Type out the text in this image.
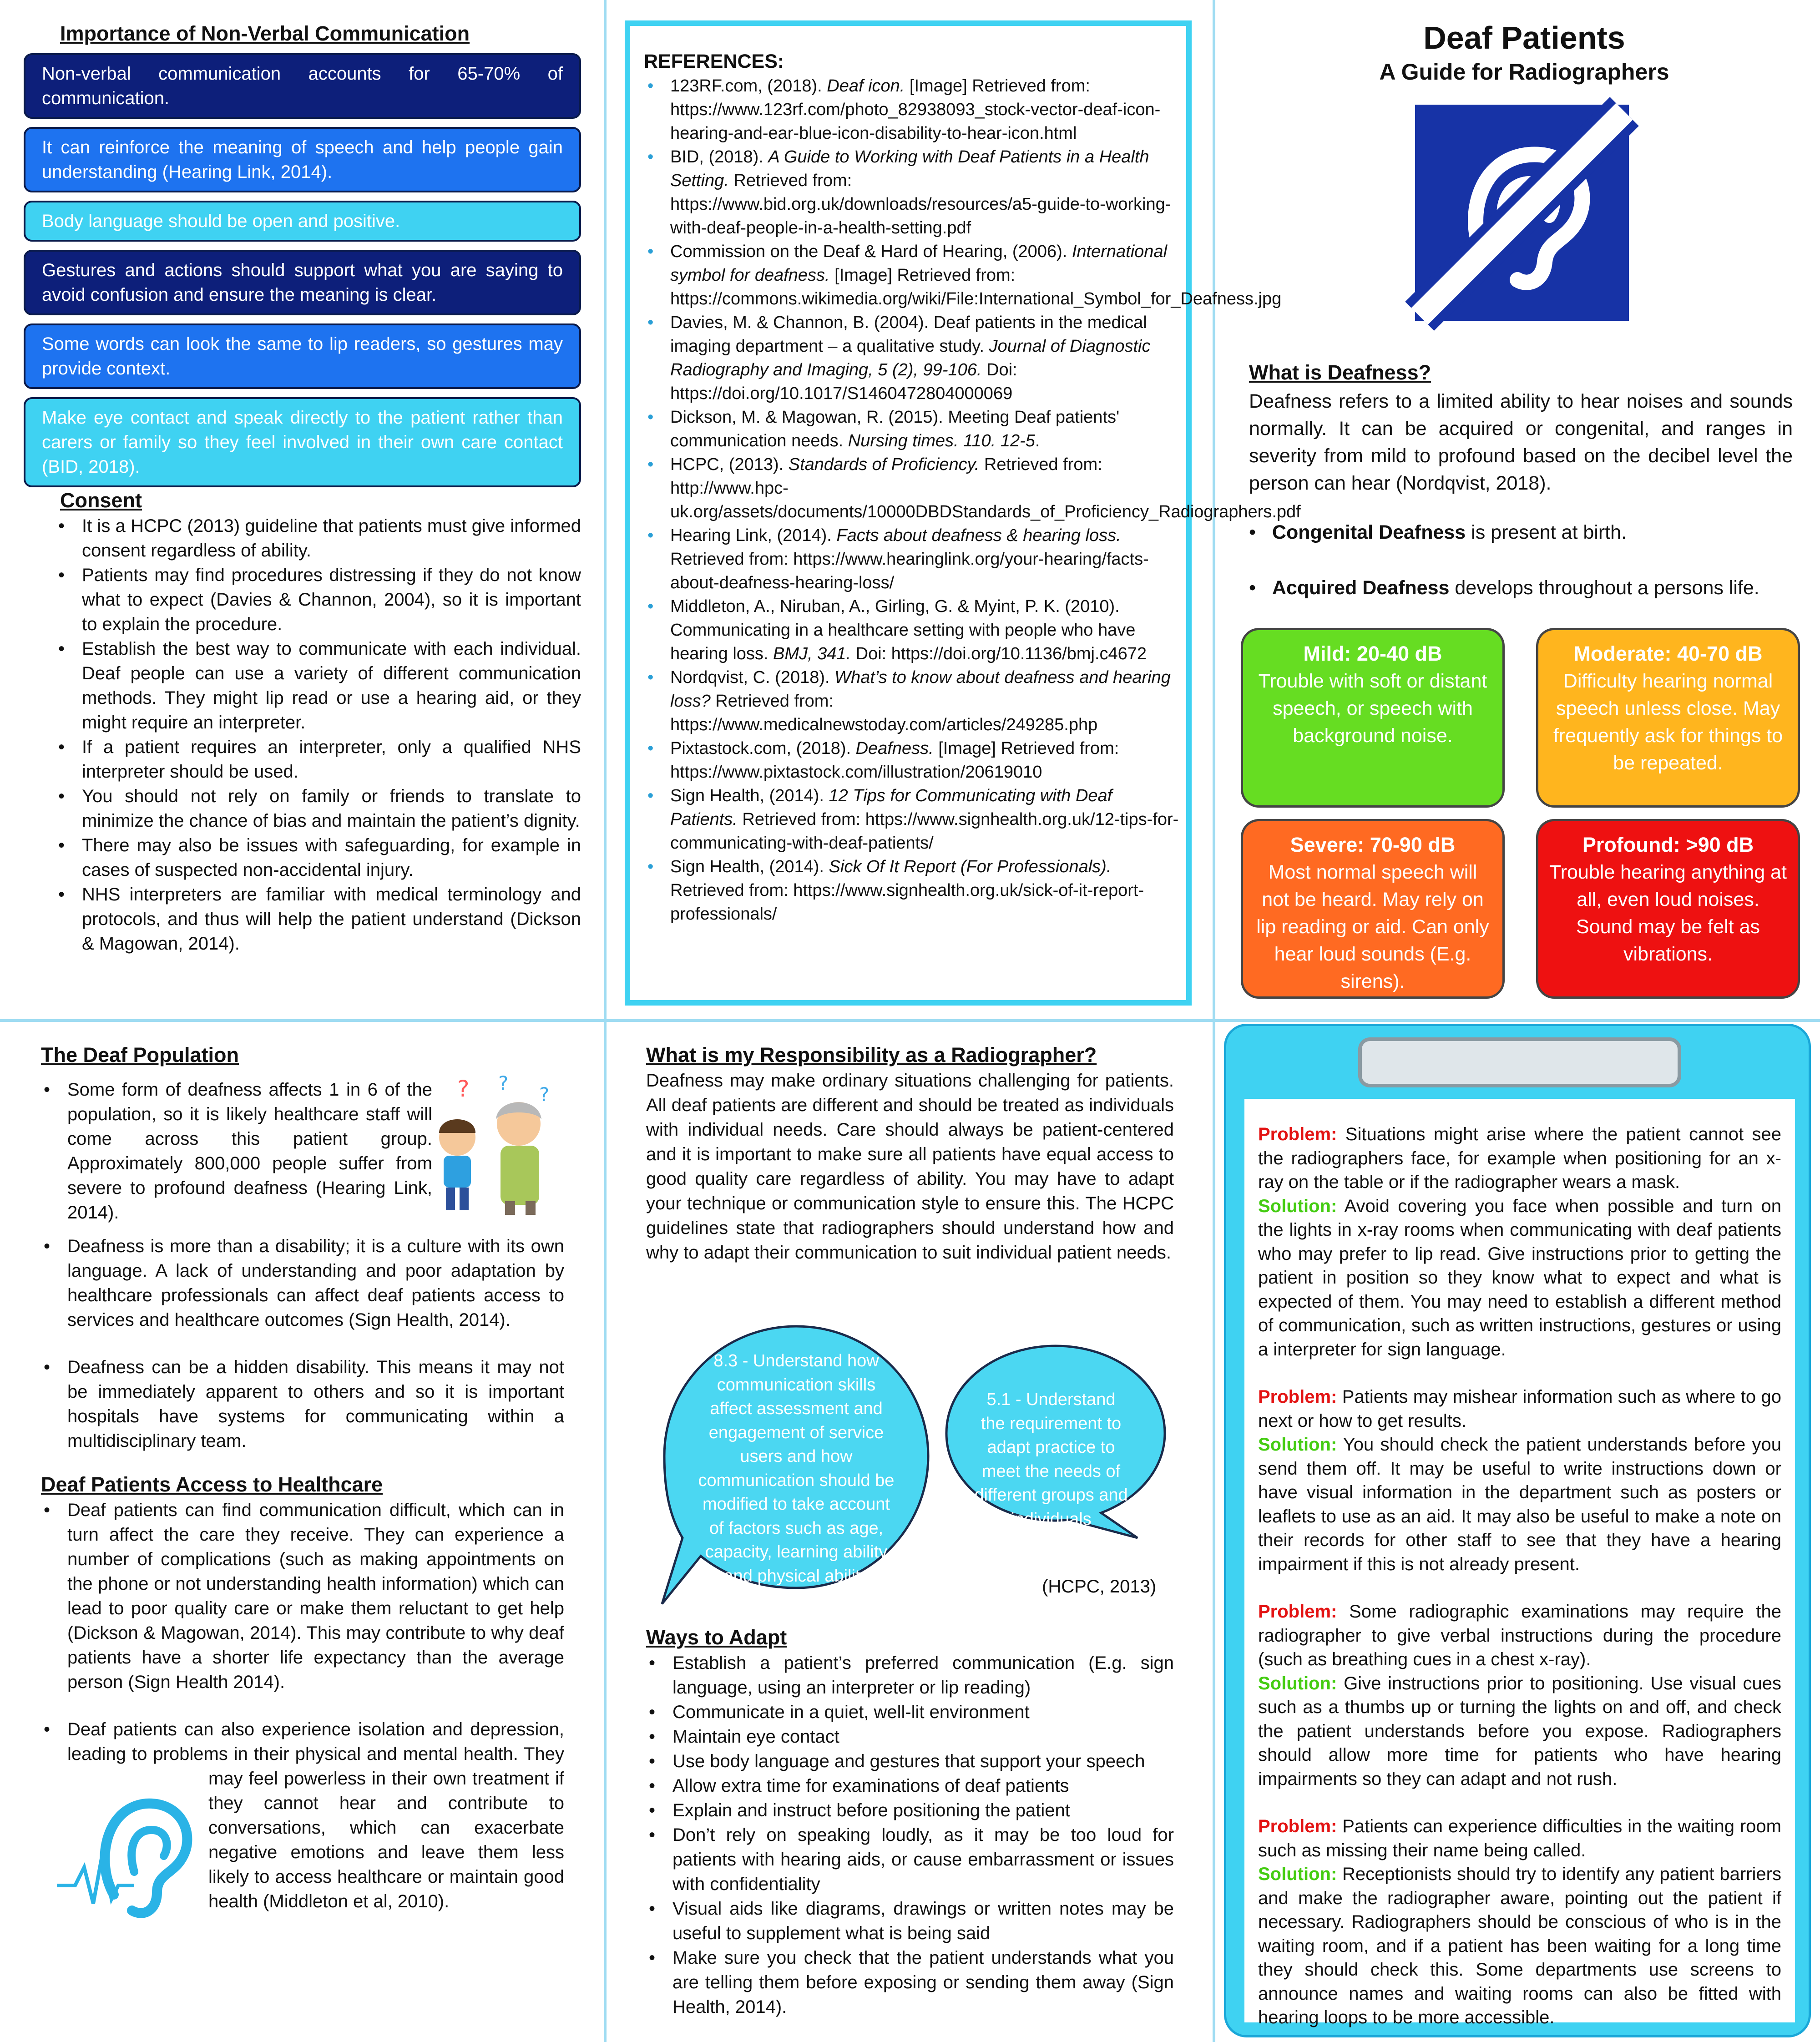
Importance of Non-Verbal Communication
Non-verbal communication accounts for 65-70% of communication.
It can reinforce the meaning of speech and help people gain understanding (Hearing Link, 2014).
Body language should be open and positive.
Gestures and actions should support what you are saying to avoid confusion and ensure the meaning is clear.
Some words can look the same to lip readers, so gestures may provide context.
Make eye contact and speak directly to the patient rather than carers or family so they feel involved in their own care contact (BID, 2018).
Consent
• It is a HCPC (2013) guideline that patients must give informed consent regardless of ability.
• Patients may find procedures distressing if they do not know what to expect (Davies & Channon, 2004), so it is important to explain the procedure.
• Establish the best way to communicate with each individual. Deaf people can use a variety of different communication methods. They might lip read or use a hearing aid, or they might require an interpreter.
• If a patient requires an interpreter, only a qualified NHS interpreter should be used.
• You should not rely on family or friends to translate to minimize the chance of bias and maintain the patient’s dignity.
• There may also be issues with safeguarding, for example in cases of suspected non-accidental injury.
• NHS interpreters are familiar with medical terminology and protocols, and thus will help the patient understand (Dickson & Magowan, 2014).
REFERENCES:
• 123RF.com, (2018). Deaf icon. [Image] Retrieved from: https://www.123rf.com/photo_82938093_stock-vector-deaf-icon-hearing-and-ear-blue-icon-disability-to-hear-icon.html
• BID, (2018). A Guide to Working with Deaf Patients in a Health Setting. Retrieved from: https://www.bid.org.uk/downloads/resources/a5-guide-to-working-with-deaf-people-in-a-health-setting.pdf
• Commission on the Deaf & Hard of Hearing, (2006). International symbol for deafness. [Image] Retrieved from: https://commons.wikimedia.org/wiki/File:International_Symbol_for_Deafness.jpg
• Davies, M. & Channon, B. (2004). Deaf patients in the medical imaging department – a qualitative study. Journal of Diagnostic Radiography and Imaging, 5 (2), 99-106. Doi: https://doi.org/10.1017/S1460472804000069
• Dickson, M. & Magowan, R. (2015). Meeting Deaf patients' communication needs. Nursing times. 110. 12-5.
• HCPC, (2013). Standards of Proficiency. Retrieved from: http://www.hpc-uk.org/assets/documents/10000DBDStandards_of_Proficiency_Radiographers.pdf
• Hearing Link, (2014). Facts about deafness & hearing loss. Retrieved from: https://www.hearinglink.org/your-hearing/facts-about-deafness-hearing-loss/
• Middleton, A., Niruban, A., Girling, G. & Myint, P. K. (2010). Communicating in a healthcare setting with people who have hearing loss. BMJ, 341. Doi: https://doi.org/10.1136/bmj.c4672
• Nordqvist, C. (2018). What’s to know about deafness and hearing loss? Retrieved from: https://www.medicalnewstoday.com/articles/249285.php
• Pixtastock.com, (2018). Deafness. [Image] Retrieved from: https://www.pixtastock.com/illustration/20619010
• Sign Health, (2014). 12 Tips for Communicating with Deaf Patients. Retrieved from: https://www.signhealth.org.uk/12-tips-for-communicating-with-deaf-patients/
• Sign Health, (2014). Sick Of It Report (For Professionals). Retrieved from: https://www.signhealth.org.uk/sick-of-it-report-professionals/
Deaf Patients
A Guide for Radiographers
What is Deafness?
Deafness refers to a limited ability to hear noises and sounds normally. It can be acquired or congenital, and ranges in severity from mild to profound based on the decibel level the person can hear (Nordqvist, 2018).
•   Congenital Deafness is present at birth.
•   Acquired Deafness develops throughout a persons life.
Mild: 20-40 dB
Trouble with soft or distant speech, or speech with background noise.
Moderate: 40-70 dB
Difficulty hearing normal speech unless close. May frequently ask for things to be repeated.
Severe: 70-90 dB
Most normal speech will not be heard. May rely on lip reading or aid. Can only hear loud sounds (E.g. sirens).
Profound: >90 dB
Trouble hearing anything at all, even loud noises. Sound may be felt as vibrations.
The Deaf Population
? ?
?
• Some form of deafness affects 1 in 6 of the population, so it is likely healthcare staff will come across this patient group. Approximately 800,000 people suffer from severe to profound deafness (Hearing Link, 2014).
• Deafness is more than a disability; it is a culture with its own language. A lack of understanding and poor adaptation by healthcare professionals can affect deaf patients access to services and healthcare outcomes (Sign Health, 2014).
• Deafness can be a hidden disability. This means it may not be immediately apparent to others and so it is important hospitals have systems for communicating within a multidisciplinary team.
Deaf Patients Access to Healthcare
• Deaf patients can find communication difficult, which can in turn affect the care they receive. They can experience a number of complications (such as making appointments on the phone or not understanding health information) which can lead to poor quality care or make them reluctant to get help (Dickson & Magowan, 2014). This may contribute to why deaf patients have a shorter life expectancy than the average person (Sign Health 2014).
• Deaf patients can also experience isolation and depression, leading to problems in their physical and mental health. They may feel powerless in their own treatment if they cannot hear and contribute to conversations, which can exacerbate negative emotions and leave them less likely to access healthcare or maintain good health (Middleton et al, 2010).
What is my Responsibility as a Radiographer?
Deafness may make ordinary situations challenging for patients. All deaf patients are different and should be treated as individuals with individual needs. Care should always be patient-centered and it is important to make sure all patients have equal access to good quality care regardless of ability. You may have to adapt your technique or communication style to ensure this. The HCPC guidelines state that radiographers should understand how and why to adapt their communication to suit individual patient needs.
8.3 - Understand how communication skills affect assessment and engagement of service users and how communication should be modified to take account of factors such as age, capacity, learning ability and physical ability
5.1 - Understand the requirement to adapt practice to meet the needs of different groups and individuals
(HCPC, 2013)
Ways to Adapt
• Establish a patient’s preferred communication (E.g. sign language, using an interpreter or lip reading)
• Communicate in a quiet, well-lit environment
• Maintain eye contact
• Use body language and gestures that support your speech
• Allow extra time for examinations of deaf patients
• Explain and instruct before positioning the patient
• Don’t rely on speaking loudly, as it may be too loud for patients with hearing aids, or cause embarrassment or issues with confidentiality
• Visual aids like diagrams, drawings or written notes may be useful to supplement what is being said
• Make sure you check that the patient understands what you are telling them before exposing or sending them away (Sign Health, 2014).
Problem: Situations might arise where the patient cannot see the radiographers face, for example when positioning for an x-ray on the table or if the radiographer wears a mask.
Solution: Avoid covering you face when possible and turn on the lights in x-ray rooms when communicating with deaf patients who may prefer to lip read. Give instructions prior to getting the patient in position so they know what to expect and what is expected of them. You may need to establish a different method of communication, such as written instructions, gestures or using a interpreter for sign language.
Problem: Patients may mishear information such as where to go next or how to get results.
Solution: You should check the patient understands before you send them off. It may be useful to write instructions down or have visual information in the department such as posters or leaflets to use as an aid. It may also be useful to make a note on their records for other staff to see that they have a hearing impairment if this is not already present.
Problem: Some radiographic examinations may require the radiographer to give verbal instructions during the procedure (such as breathing cues in a chest x-ray).
Solution: Give instructions prior to positioning. Use visual cues such as a thumbs up or turning the lights on and off, and check the patient understands before you expose. Radiographers should allow more time for patients who have hearing impairments so they can adapt and not rush.
Problem: Patients can experience difficulties in the waiting room such as missing their name being called.
Solution: Receptionists should try to identify any patient barriers and make the radiographer aware, pointing out the patient if necessary. Radiographers should be conscious of who is in the waiting room, and if a patient has been waiting for a long time they should check this. Some departments use screens to announce names and waiting rooms can also be fitted with hearing loops to be more accessible.
